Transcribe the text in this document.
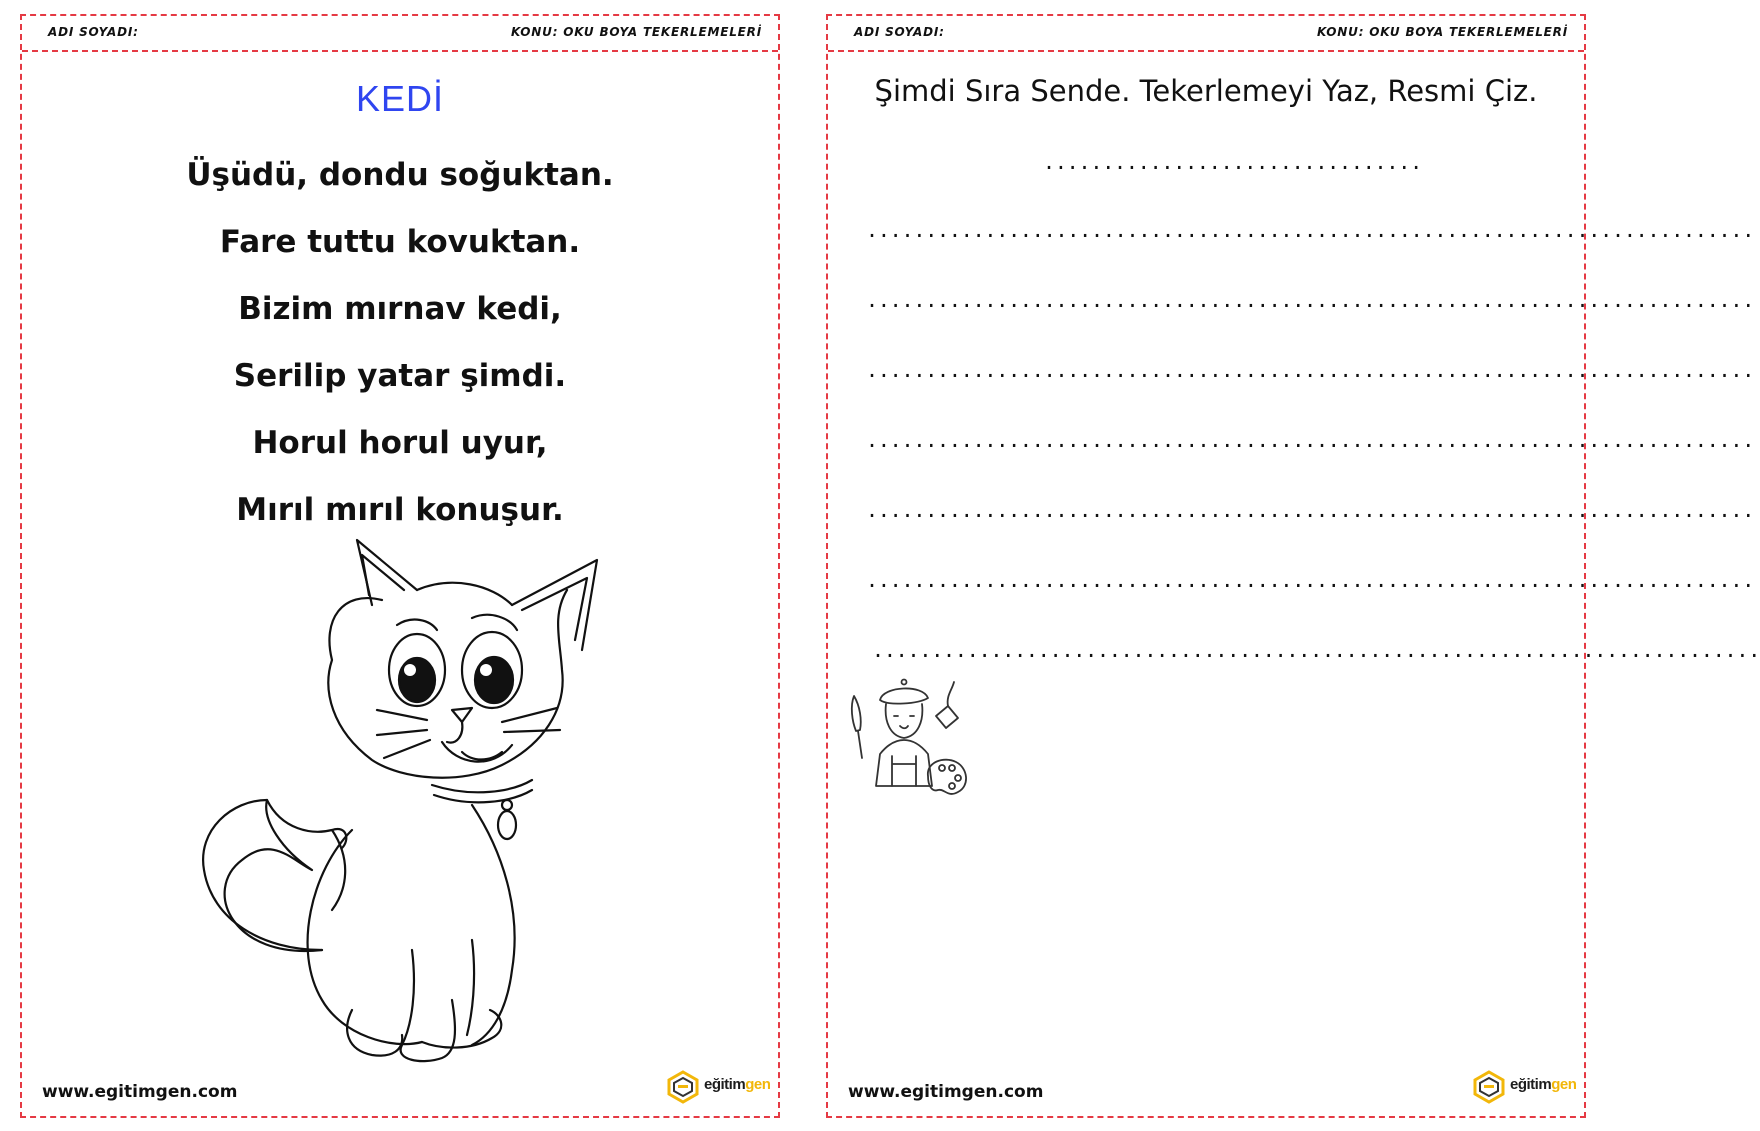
ADI SOYADI:	KONU: OKU BOYA TEKERLEMELERİ
KEDİ
Üşüdü, dondu soğuktan.
Fare tuttu kovuktan.
Bizim mırnav kedi,
Serilip yatar şimdi.
Horul horul uyur,
Mırıl mırıl konuşur.
www.egitimgen.com	eğitimgen
ADI SOYADI:	KONU: OKU BOYA TEKERLEMELERİ
Şimdi Sıra Sende. Tekerlemeyi Yaz, Resmi Çiz.
................................
...........................................................................
...........................................................................
...........................................................................
...........................................................................
...........................................................................
...........................................................................
...........................................................................
www.egitimgen.com	eğitimgen
